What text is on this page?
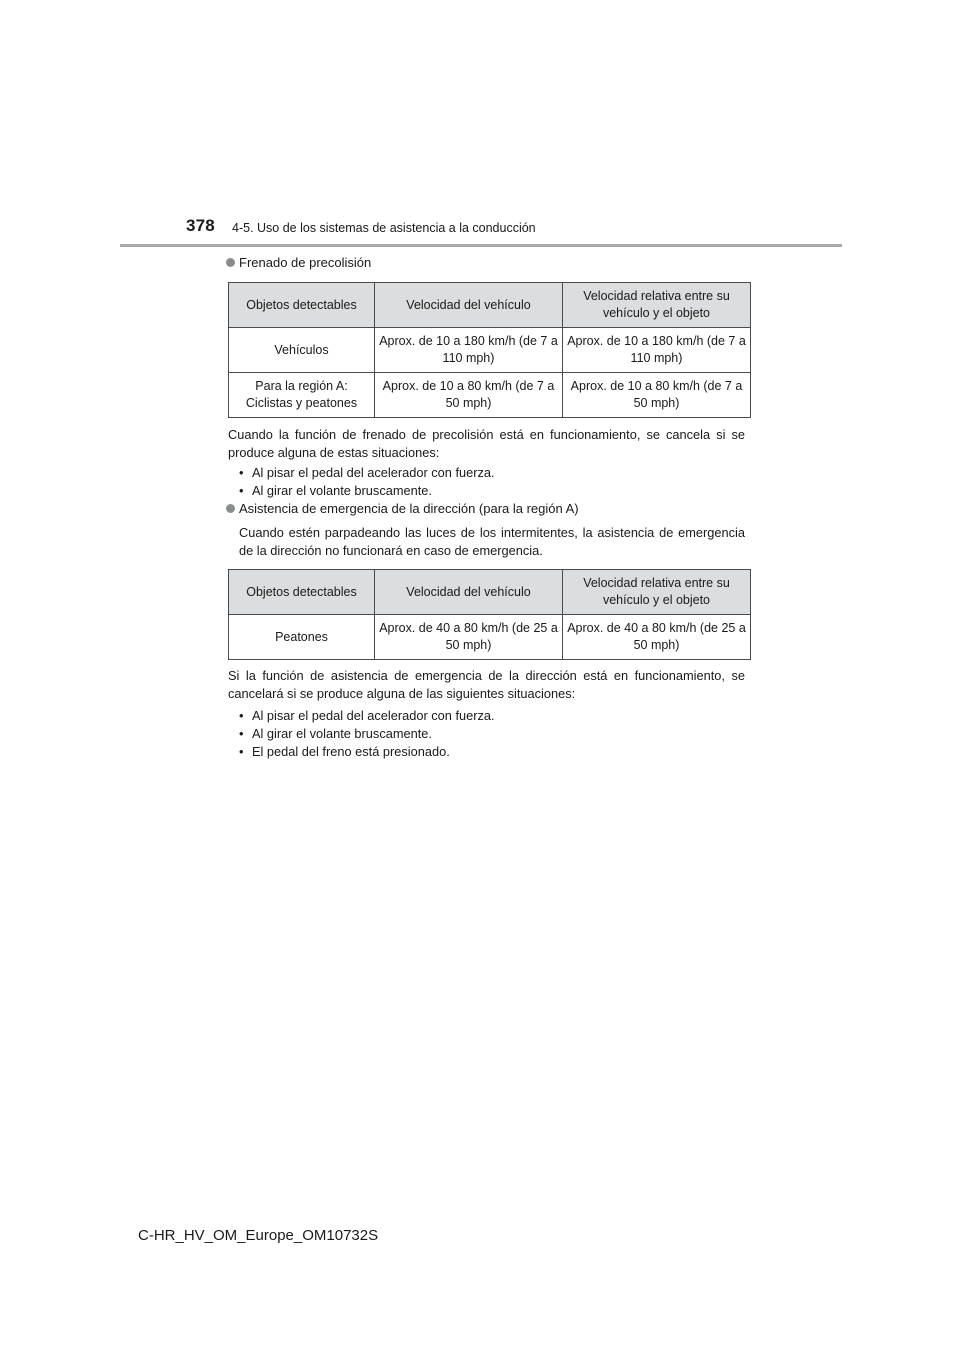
378 4-5. Uso de los sistemas de asistencia a la conducción
Frenado de precolisión
Objetos detectables	Velocidad del vehículo	Velocidad relativa entre su vehículo y el objeto
Vehículos	Aprox. de 10 a 180 km/h (de 7 a 110 mph)	Aprox. de 10 a 180 km/h (de 7 a 110 mph)
Para la región A: Ciclistas y peatones	Aprox. de 10 a 80 km/h (de 7 a 50 mph)	Aprox. de 10 a 80 km/h (de 7 a 50 mph)
Cuando la función de frenado de precolisión está en funcionamiento, se cancela si se produce alguna de estas situaciones:
• Al pisar el pedal del acelerador con fuerza.
• Al girar el volante bruscamente.
Asistencia de emergencia de la dirección (para la región A)
Cuando estén parpadeando las luces de los intermitentes, la asistencia de emergencia de la dirección no funcionará en caso de emergencia.
Objetos detectables	Velocidad del vehículo	Velocidad relativa entre su vehículo y el objeto
Peatones	Aprox. de 40 a 80 km/h (de 25 a 50 mph)	Aprox. de 40 a 80 km/h (de 25 a 50 mph)
Si la función de asistencia de emergencia de la dirección está en funcionamiento, se cancelará si se produce alguna de las siguientes situaciones:
• Al pisar el pedal del acelerador con fuerza.
• Al girar el volante bruscamente.
• El pedal del freno está presionado.
C-HR_HV_OM_Europe_OM10732S
